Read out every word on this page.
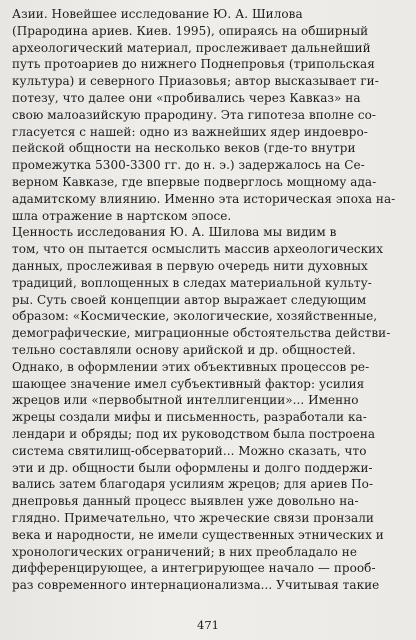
Азии. Новейшее исследование Ю. А. Шилова
(Прародина ариев. Киев. 1995), опираясь на обширный
археологический материал, прослеживает дальнейший
путь протоариев до нижнего Поднепровья (трипольская
культура) и северного Приазовья; автор высказывает ги-
потезу, что далее они «пробивались через Кавказ» на
свою малоазийскую прародину. Эта гипотеза вполне со-
гласуется с нашей: одно из важнейших ядер индоевро-
пейской общности на несколько веков (где-то внутри
промежутка 5300-3300 гг. до н. э.) задержалось на Се-
верном Кавказе, где впервые подверглось мощному ада-
адамитскому влиянию. Именно эта историческая эпоха на-
шла отражение в нартском эпосе.
Ценность исследования Ю. А. Шилова мы видим в
том, что он пытается осмыслить массив археологических
данных, прослеживая в первую очередь нити духовных
традиций, воплощенных в следах материальной культу-
ры. Суть своей концепции автор выражает следующим
образом: «Космические, экологические, хозяйственные,
демографические, миграционные обстоятельства действи-
тельно составляли основу арийской и др. общностей.
Однако, в оформлении этих объективных процессов ре-
шающее значение имел субъективный фактор: усилия
жрецов или «первобытной интеллигенции»... Именно
жрецы создали мифы и письменность, разработали ка-
лендари и обряды; под их руководством была построена
система святилищ-обсерваторий... Можно сказать, что
эти и др. общности были оформлены и долго поддержи-
вались затем благодаря усилиям жрецов; для ариев По-
днепровья данный процесс выявлен уже довольно на-
глядно. Примечательно, что жреческие связи пронзали
века и народности, не имели существенных этнических и
хронологических ограничений; в них преобладало не
дифференцирующее, а интегрирующее начало — прооб-
раз современного интернационализма... Учитывая такие
471
